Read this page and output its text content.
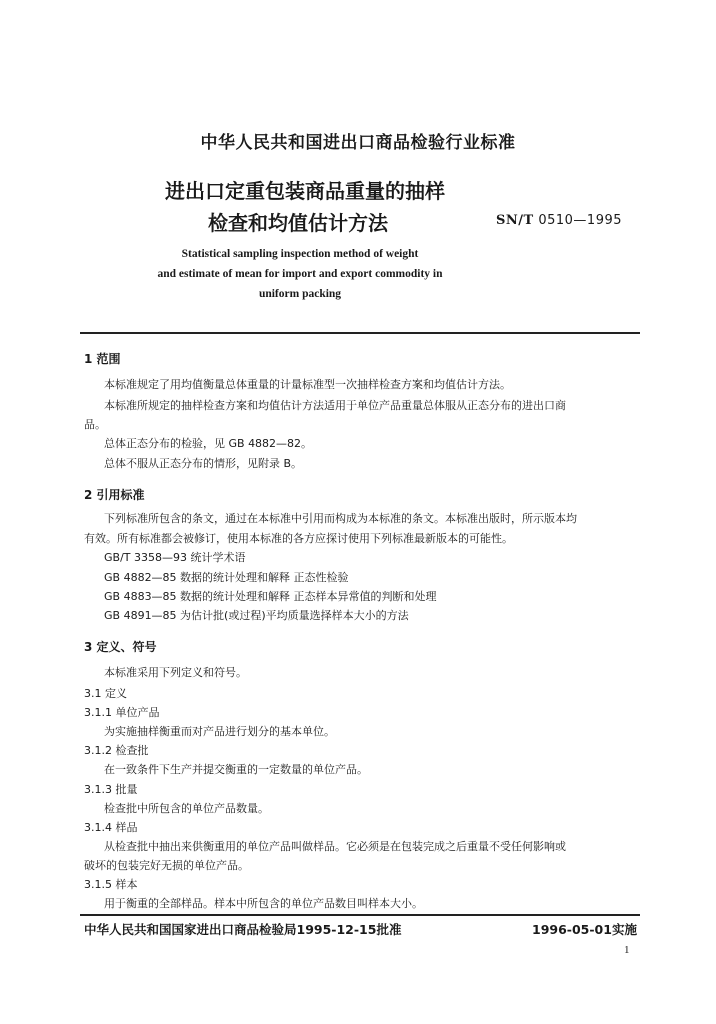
中华人民共和国进出口商品检验行业标准
进出口定重包装商品重量的抽样
检查和均值估计方法	SN/T 0510—1995
Statistical sampling inspection method of weight
and estimate of mean for import and export commodity in
uniform packing
1 范围
本标准规定了用均值衡量总体重量的计量标准型一次抽样检查方案和均值估计方法。
本标准所规定的抽样检查方案和均值估计方法适用于单位产品重量总体服从正态分布的进出口商
品。
总体正态分布的检验，见 GB 4882—82。
总体不服从正态分布的情形，见附录 B。
2 引用标准
下列标准所包含的条文，通过在本标准中引用而构成为本标准的条文。本标准出版时，所示版本均
有效。所有标准都会被修订，使用本标准的各方应探讨使用下列标准最新版本的可能性。
GB/T 3358—93 统计学术语
GB 4882—85 数据的统计处理和解释 正态性检验
GB 4883—85 数据的统计处理和解释 正态样本异常值的判断和处理
GB 4891—85 为估计批(或过程)平均质量选择样本大小的方法
3 定义、符号
本标准采用下列定义和符号。
3.1 定义
3.1.1 单位产品
为实施抽样衡重而对产品进行划分的基本单位。
3.1.2 检查批
在一致条件下生产并提交衡重的一定数量的单位产品。
3.1.3 批量
检查批中所包含的单位产品数量。
3.1.4 样品
从检查批中抽出来供衡重用的单位产品叫做样品。它必须是在包装完成之后重量不受任何影响或
破坏的包装完好无损的单位产品。
3.1.5 样本
用于衡重的全部样品。样本中所包含的单位产品数目叫样本大小。
中华人民共和国国家进出口商品检验局1995-12-15批准	1996-05-01实施
1
